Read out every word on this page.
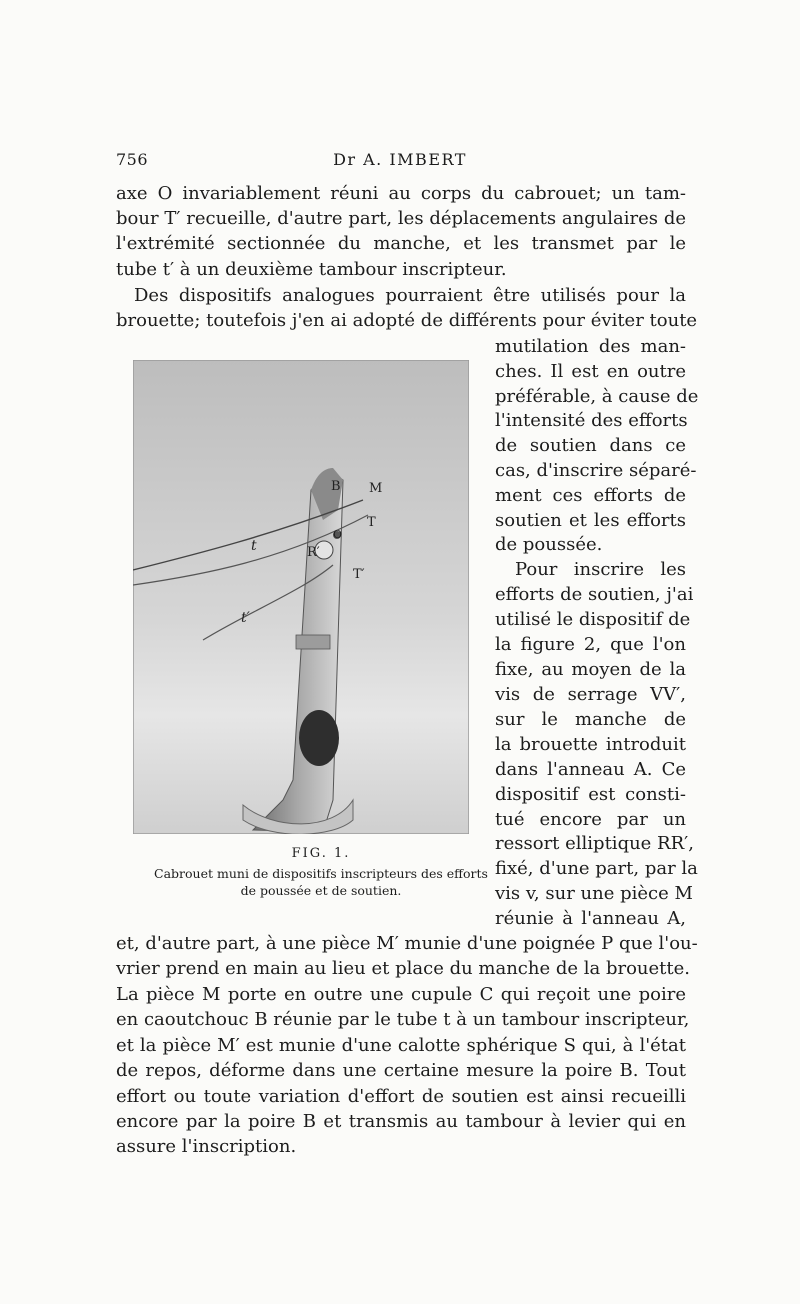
756	Dr A. IMBERT
axe O invariablement réuni au corps du cabrouet; un tam-
bour T′ recueille, d'autre part, les déplacements angulaires de
l'extrémité sectionnée du manche, et les transmet par le
tube t′ à un deuxième tambour inscripteur.
Des dispositifs analogues pourraient être utilisés pour la
brouette; toutefois j'en ai adopté de différents pour éviter toute
mutilation des man-
ches. Il est en outre
préférable, à cause de
l'intensité des efforts
de soutien dans ce
cas, d'inscrire séparé-
ment ces efforts de
soutien et les efforts
de poussée.
Pour inscrire les
efforts de soutien, j'ai
utilisé le dispositif de
la figure 2, que l'on
fixe, au moyen de la
vis de serrage VV′,
sur le manche de
la brouette introduit
dans l'anneau A. Ce
dispositif est consti-
tué encore par un
ressort elliptique RR′,
fixé, d'une part, par la
vis v, sur une pièce M
réunie à l'anneau A,
et, d'autre part, à une pièce M′ munie d'une poignée P que l'ou-
vrier prend en main au lieu et place du manche de la brouette.
La pièce M porte en outre une cupule C qui reçoit une poire
en caoutchouc B réunie par le tube t à un tambour inscripteur,
et la pièce M′ est munie d'une calotte sphérique S qui, à l'état
de repos, déforme dans une certaine mesure la poire B. Tout
effort ou toute variation d'effort de soutien est ainsi recueilli
encore par la poire B et transmis au tambour à levier qui en
assure l'inscription.
B M
T
R′
O
T′
t
t′
FIG. 1.
Cabrouet muni de dispositifs inscripteurs des efforts
de poussée et de soutien.
